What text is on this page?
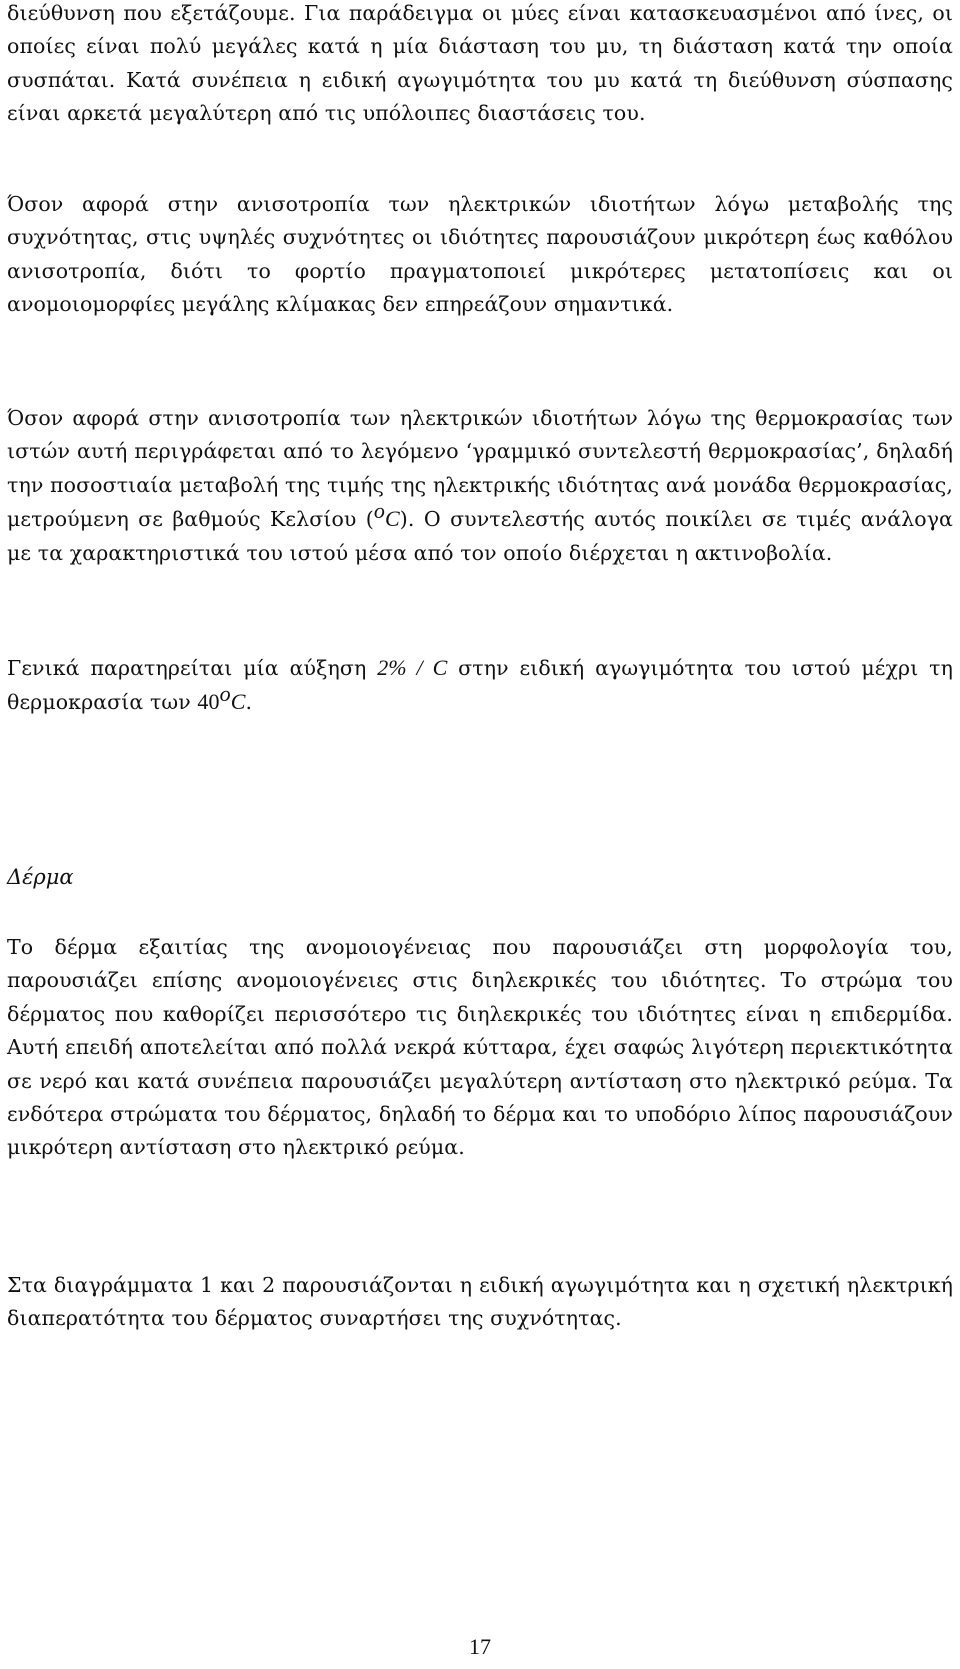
διεύθυνση που εξετάζουμε. Για παράδειγμα οι μύες είναι κατασκευασμένοι από ίνες, οι οποίες είναι πολύ μεγάλες κατά η μία διάσταση του μυ, τη διάσταση κατά την οποία συσπάται. Κατά συνέπεια η ειδική αγωγιμότητα του μυ κατά τη διεύθυνση σύσπασης είναι αρκετά μεγαλύτερη από τις υπόλοιπες διαστάσεις του.

Όσον αφορά στην ανισοτροπία των ηλεκτρικών ιδιοτήτων λόγω μεταβολής της συχνότητας, στις υψηλές συχνότητες οι ιδιότητες παρουσιάζουν μικρότερη έως καθόλου ανισοτροπία, διότι το φορτίο πραγματοποιεί μικρότερες μετατοπίσεις και οι ανομοιομορφίες μεγάλης κλίμακας δεν επηρεάζουν σημαντικά.

Όσον αφορά στην ανισοτροπία των ηλεκτρικών ιδιοτήτων λόγω της θερμοκρασίας των ιστών αυτή περιγράφεται από το λεγόμενο ‘γραμμικό συντελεστή θερμοκρασίας’, δηλαδή την ποσοστιαία μεταβολή της τιμής της ηλεκτρικής ιδιότητας ανά μονάδα θερμοκρασίας, μετρούμενη σε βαθμούς Κελσίου ($^o$C). Ο συντελεστής αυτός ποικίλει σε τιμές ανάλογα με τα χαρακτηριστικά του ιστού μέσα από τον οποίο διέρχεται η ακτινοβολία.

Γενικά παρατηρείται μία αύξηση 2% / C στην ειδική αγωγιμότητα του ιστού μέχρι τη θερμοκρασία των 40$^o$C.

Δέρμα

Το δέρμα εξαιτίας της ανομοιογένειας που παρουσιάζει στη μορφολογία του, παρουσιάζει επίσης ανομοιογένειες στις διηλεκρικές του ιδιότητες. Το στρώμα του δέρματος που καθορίζει περισσότερο τις διηλεκρικές του ιδιότητες είναι η επιδερμίδα. Αυτή επειδή αποτελείται από πολλά νεκρά κύτταρα, έχει σαφώς λιγότερη περιεκτικότητα σε νερό και κατά συνέπεια παρουσιάζει μεγαλύτερη αντίσταση στο ηλεκτρικό ρεύμα. Τα ενδότερα στρώματα του δέρματος, δηλαδή το δέρμα και το υποδόριο λίπος παρουσιάζουν μικρότερη αντίσταση στο ηλεκτρικό ρεύμα.

Στα διαγράμματα 1 και 2 παρουσιάζονται η ειδική αγωγιμότητα και η σχετική ηλεκτρική διαπερατότητα του δέρματος συναρτήσει της συχνότητας.

17
